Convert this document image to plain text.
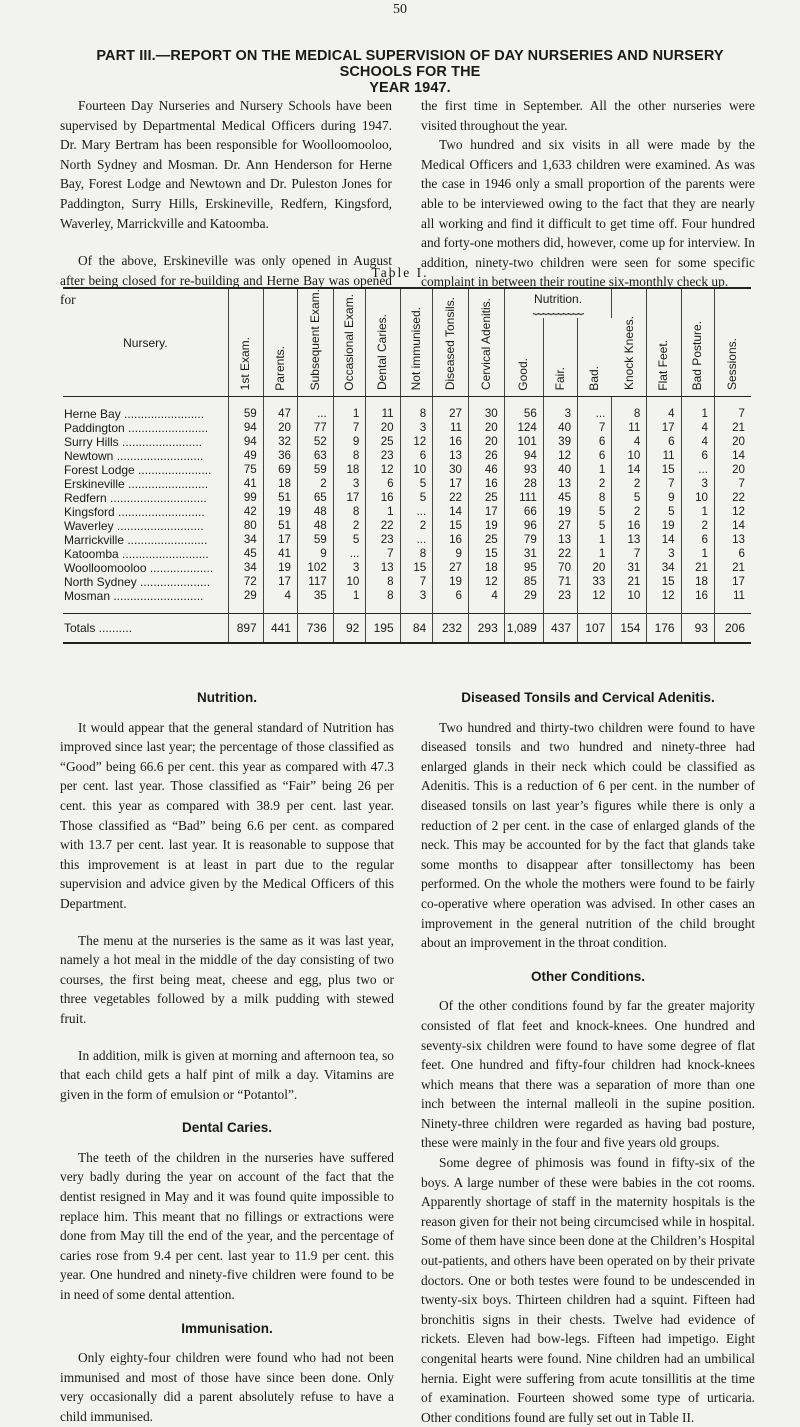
50
PART III.—REPORT ON THE MEDICAL SUPERVISION OF DAY NURSERIES AND NURSERY SCHOOLS FOR THE
YEAR 1947.

Fourteen Day Nurseries and Nursery Schools have been supervised by Departmental Medical Officers during 1947. Dr. Mary Bertram has been responsible for Woolloomooloo, North Sydney and Mosman. Dr. Ann Henderson for Herne Bay, Forest Lodge and Newtown and Dr. Puleston Jones for Paddington, Surry Hills, Erskineville, Redfern, Kingsford, Waverley, Marrickville and Katoomba.

Of the above, Erskineville was only opened in August after being closed for re-building and Herne Bay was opened for

the first time in September. All the other nurseries were visited throughout the year.

Two hundred and six visits in all were made by the Medical Officers and 1,633 children were examined. As was the case in 1946 only a small proportion of the parents were able to be interviewed owing to the fact that they are nearly all working and find it difficult to get time off. Four hundred and forty-one mothers did, however, come up for interview. In addition, ninety-two children were seen for some specific complaint in between their routine six-monthly check up.

Table I.
Nursery.	1st Exam.	Parents.	Subsequent Exam.	Occasional Exam.	Dental Caries.	Not immunised.	Diseased Tonsils.	Cervical Adenitis.	Nutrition.
⏟⏟⏟⏟⏟⏟⏟⏟⏟⏟			Knock Knees.	Flat Feet.	Bad Posture.	Sessions.

									Good.	Fair.	Bad.				

Herne Bay ........................	59	47	...	1	11	8	27	30	56	3	...	8	4	1	7
Paddington ........................	94	20	77	7	20	3	11	20	124	40	7	11	17	4	21
Surry Hills ........................	94	32	52	9	25	12	16	20	101	39	6	4	6	4	20
Newtown ..........................	49	36	63	8	23	6	13	26	94	12	6	10	11	6	14
Forest Lodge ......................	75	69	59	18	12	10	30	46	93	40	1	14	15	...	20
Erskineville ........................	41	18	2	3	6	5	17	16	28	13	2	2	7	3	7
Redfern .............................	99	51	65	17	16	5	22	25	111	45	8	5	9	10	22
Kingsford ..........................	42	19	48	8	1	...	14	17	66	19	5	2	5	1	12
Waverley ..........................	80	51	48	2	22	2	15	19	96	27	5	16	19	2	14
Marrickville ........................	34	17	59	5	23	...	16	25	79	13	1	13	14	6	13
Katoomba ..........................	45	41	9	...	7	8	9	15	31	22	1	7	3	1	6
Woolloomooloo ...................	34	19	102	3	13	15	27	18	95	70	20	31	34	21	21
North Sydney .....................	72	17	117	10	8	7	19	12	85	71	33	21	15	18	17
Mosman ...........................	29	4	35	1	8	3	6	4	29	23	12	10	12	16	11

Totals ..........	897	441	736	92	195	84	232	293	1,089	437	107	154	176	93	206
Nutrition.

It would appear that the general standard of Nutrition has improved since last year; the percentage of those classified as “Good” being 66.6 per cent. this year as compared with 47.3 per cent. last year. Those classified as “Fair” being 26 per cent. this year as compared with 38.9 per cent. last year. Those classified as “Bad” being 6.6 per cent. as compared with 13.7 per cent. last year. It is reasonable to suppose that this improvement is at least in part due to the regular supervision and advice given by the Medical Officers of this Department.

The menu at the nurseries is the same as it was last year, namely a hot meal in the middle of the day consisting of two courses, the first being meat, cheese and egg, plus two or three vegetables followed by a milk pudding with stewed fruit.

In addition, milk is given at morning and afternoon tea, so that each child gets a half pint of milk a day. Vitamins are given in the form of emulsion or “Potantol”.

Dental Caries.

The teeth of the children in the nurseries have suffered very badly during the year on account of the fact that the dentist resigned in May and it was found quite impossible to replace him. This meant that no fillings or extractions were done from May till the end of the year, and the percentage of caries rose from 9.4 per cent. last year to 11.9 per cent. this year. One hundred and ninety-five children were found to be in need of some dental attention.

Immunisation.

Only eighty-four children were found who had not been immunised and most of those have since been done. Only very occasionally did a parent absolutely refuse to have a child immunised.

Diseased Tonsils and Cervical Adenitis.

Two hundred and thirty-two children were found to have diseased tonsils and two hundred and ninety-three had enlarged glands in their neck which could be classified as Adenitis. This is a reduction of 6 per cent. in the number of diseased tonsils on last year’s figures while there is only a reduction of 2 per cent. in the case of enlarged glands of the neck. This may be accounted for by the fact that glands take some months to disappear after tonsillectomy has been performed. On the whole the mothers were found to be fairly co-operative where operation was advised. In other cases an improvement in the general nutrition of the child brought about an improvement in the throat condition.

Other Conditions.

Of the other conditions found by far the greater majority consisted of flat feet and knock-knees. One hundred and seventy-six children were found to have some degree of flat feet. One hundred and fifty-four children had knock-knees which means that there was a separation of more than one inch between the internal malleoli in the supine position. Ninety-three children were regarded as having bad posture, these were mainly in the four and five years old groups.

Some degree of phimosis was found in fifty-six of the boys. A large number of these were babies in the cot rooms. Apparently shortage of staff in the maternity hospitals is the reason given for their not being circumcised while in hospital. Some of them have since been done at the Children’s Hospital out-patients, and others have been operated on by their private doctors. One or both testes were found to be undescended in twenty-six boys. Thirteen children had a squint. Fifteen had bronchitis signs in their chests. Twelve had evidence of rickets. Eleven had bow-legs. Fifteen had impetigo. Eight congenital hearts were found. Nine children had an umbilical hernia. Eight were suffering from acute tonsillitis at the time of examination. Fourteen showed some type of urticaria. Other conditions found are fully set out in Table II.
